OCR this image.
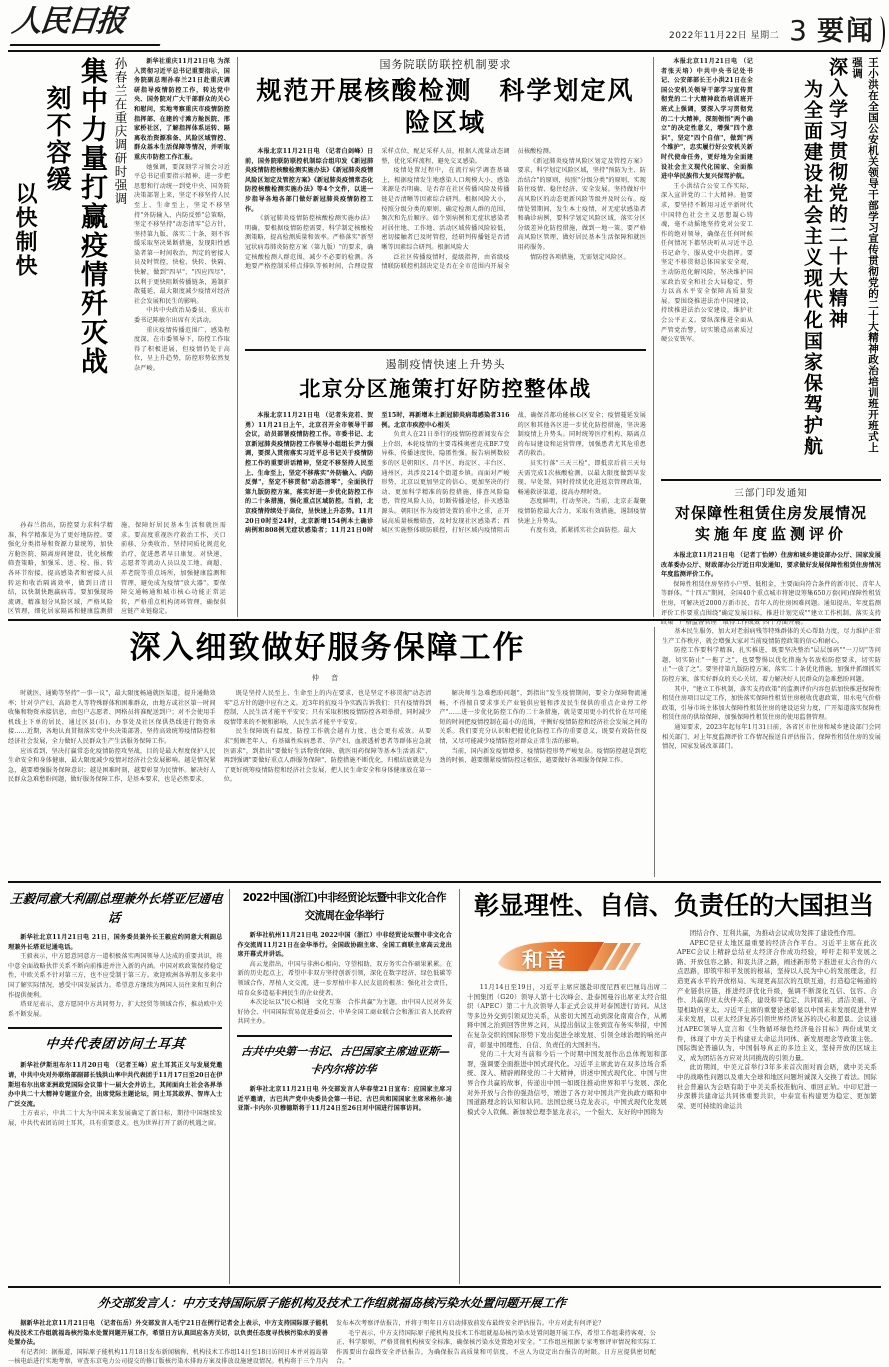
人民日报	2022年11月22日 星期二 3 要闻
孙春兰在重庆调研时强调
集中力量打赢疫情歼灭战
刻不容缓
以快制快

新华社重庆11月21日电 为深入贯彻习近平总书记重要指示，国务院副总理孙春兰21日赴重庆调研指导疫情防控工作，转达党中央、国务院对广大干部群众的关心和慰问，实地考察重庆市疫情防控指挥部、在建的寸滩方舱医院、邢家桥社区，了解指挥体系运转、隔离收治资源准备、风险区域管控、群众基本生活保障等情况，并听取重庆市防控工作汇报。

她强调，要深刻学习领会习近平总书记重要指示精神，进一步把思想和行动统一到党中央、国务院决策部署上来，坚定不移坚持人民至上、生命至上，坚定不移坚持"外防输入、内防反弹"总策略，坚定不移坚持"动态清零"总方针，坚持第九版、落实二十条，刻不容缓采取坚决果断措施，发现阳性感染者第一时间收治，判定的密接人员及时管控，快检、快转、快隔、快解，做到"四早"、"四应四尽"，以利于更快阻断传播链条，遏制扩散蔓延，最大限度减少疫情对经济社会发展和民生的影响。

中共中央政治局委员、重庆市委书记陈敏尔出席有关活动。

重庆疫情传播范围广、感染程度深，在市委领导下，防控工作取得了积极进展，但疫情仍处于高位，呈上升趋势，防控形势依然复杂严峻。

孙春兰指出，防控要力求科学精准，科学精准是为了更好地防控。要强化分类指导和资源力量统筹，加快方舱医院、隔离房间建设，优化核酸筛查策略，加强采、送、检、报、转各环节衔接，提高感染者和密接人员转运和收治隔离效率，做到日清日结，以快制快跑赢病毒。要加强现场流调，精准划分风险区域，严格风险区管理，细化居家隔离和健康监测措施，保障好居民基本生活和就医需求。要高度重视医疗救治工作，关口前移、分类收治，坚持同质化规范化治疗，促进患者早日康复。对快递、志愿者等流动人员以及工地、商超、养老院等重点场所，加强健康监测和管理，避免成为疫情"放大器"。要保障交通畅通和城市核心功能正常运转，严格重点机构闭环管理，确保供应链产业链稳定。

国务院联防联控机制要求
规范开展核酸检测　科学划定风险区域

本报北京11月21日电 （记者白剑峰）日前，国务院联防联控机制综合组印发《新冠肺炎疫情防控核酸检测实施办法》《新冠肺炎疫情风险区划定及管控方案》《新冠肺炎疫情常态化防控核酸检测实施办法》等4个文件，以进一步指导各地各部门做好新冠肺炎疫情防控工作。

《新冠肺炎疫情防控核酸检测实施办法》明确，要根据疫情防控需要，科学制定核酸检测策略，提高检测质量和效率。严格落实"新型冠状病毒肺炎防控方案（第九版）"的要求，确定核酸检测人群范围，减少不必要的检测。各地要严格控制采样点排队等候时间，合理设置采样点位，配足采样人员，根据人流量动态调整，优化采样流程，避免交叉感染。

疫情处置过程中，在流行病学调查基础上，根据疫情发生地感染人口规模大小、感染来源是否明确、是否存在社区传播风险及传播链是否清晰等因素综合研判。根据风险大小，按照分级分类的原则，确定检测人群的范围、频次和先后顺序。如个别病例和无症状感染者对居住地、工作地、活动区域传播风险较低，密切接触者已及时管控，经研判传播链是否清晰等因素综合研判。根据风险大

泛社区传播疫情时，提级指挥，由省级疫情联防联控机制决定是否在全市范围内开展全员核酸检测。

《新冠肺炎疫情风险区划定及管控方案》要求，科学划定风险区域，坚持"预防为主、防治结合"的原则，按照"分级分类"的原则，实现防住疫情、稳住经济、安全发展。坚持做好中高风险区的动态更新风险等级并及时公布。疫情处置期间，发生本土疫情，对无症状感染者和确诊病例，要科学划定风险区域，落实分区分级差异化防控措施，做到一地一策。要严格高风险区管理，做好居民基本生活保障和就医用药服务。

情防控各项措施，无需划定风险区。

遏制疫情快速上升势头
北京分区施策打好防控整体战

本报北京11月21日电 （记者朱竞若、贺勇）11月21日上午，北京召开全市领导干部会议，动员部署疫情防控工作。市委书记、北京新冠肺炎疫情防控工作领导小组组长尹力强调，要深入贯彻落实习近平总书记关于疫情防控工作的重要讲话精神，坚定不移坚持人民至上、生命至上，坚定不移落实"外防输入、内防反弹"，坚定不移贯彻"动态清零"，全面执行第九版防控方案，落实好进一步优化防控工作的二十条措施，强化重点区域防控。当前，北京疫情持续处于高位，呈快速上升态势。11月20日0时至24时，北京新增154例本土确诊病例和808例无症状感染者；11月21日0时至15时，再新增本土新冠肺炎病毒感染者316例。北京市疾控中心相关

负责人在21日举行的疫情防控新闻发布会上介绍，本轮疫情的主要毒株奥密克戎BF.7变异株，传播速度快，隐匿性强。报告病例数较多的区是朝阳区、昌平区、海淀区、丰台区、通州区，共涉及214个街道乡镇。而面对严峻形势，北京以更加坚定的信心、更加坚决的行动、更加科学精准的防控措施，排查风险隐患，管控风险人员，切断传播途径，扑灭感染源头。朝阳区作为疫情处置的重中之重，正开展高质量核酸筛查，及时发现社区感染者；西城区实施整体联防联控，打好区域内疫情阻击战，确保首都功能核心区安全；疫情蔓延发展的区和其他各区进一步优化防控措施，坚决遏制疫情上升势头。同时统筹医疗机构、隔离点的布局建设和运营管理，加强患者尤其危重患者的救治。

员实行落"三天三检"，即抵京后前三天每天需完成1次核酸检测，以最大限度做到早发现、早处置，同时持续优化进返京管理政策，畅通救济渠道，提高办理时效。

态度鲜明，行动坚决。当前，北京正凝聚疫情防控最大合力，采取有效措施，遏制疫情快速上升势头。

有度有效，抓紧抓实社会面防控。最大

本报北京11月21日电 （记者张天培）中共中央书记处书记、公安部部长王小洪21日在全国公安机关领导干部学习宣传贯彻党的二十大精神政治培训班开班式上强调，要深入学习贯彻党的二十大精神，深刻领悟"两个确立"的决定性意义，增强"四个意识"，坚定"四个自信"，做到"两个维护"，忠实履行好公安机关新时代使命任务，更好地为全面建设社会主义现代化国家、全面推进中华民族伟大复兴保驾护航。

王小洪结合公安工作实际，深入宣讲党的二十大精神。他要求，要坚持不断用习近平新时代中国特色社会主义思想凝心铸魂，毫不动摇地坚持党对公安工作的绝对领导，确保在任何时候任何情况下都坚决听从习近平总书记命令、服从党中央指挥。要坚定不移贯彻总体国家安全观，主动防范化解风险，坚决维护国家政治安全和社会大局稳定，努力以高水平安全保障高质量发展。要围绕推进法治中国建设，持续推进法治公安建设，维护社会公平正义。要纵深推进全面从严管党治警，切实锻造高素质过硬公安铁军。	王小洪在全国公安机关领导干部学习宣传贯彻党的二十大精神政治培训班开班式上强调
深入学习贯彻党的二十大精神
为全面建设社会主义现代化国家保驾护航
三部门印发通知
对保障性租赁住房发展情况
实施年度监测评价

本报北京11月21日电 （记者丁怡婷）住房和城乡建设部办公厅、国家发展改革委办公厅、财政部办公厅近日印发通知，要求做好发展保障性租赁住房情况年度监测评价工作。

保障性租赁住房坚持小户型、低租金，主要面向符合条件的新市民、青年人等群体。"十四五"期间，全国40个重点城市将建设筹集650万套(间)保障性租赁住房，可解决近2000万新市民、青年人的住房困难问题。通知提出，年度监测评价工作要重点围绕"确定发展目标，推进计划完成""建立工作机制，落实支持政策""严格监督管理""取得工作成效"四个方面开展。

深入细致做好服务保障工作
仲 音

时就医，通勤等坚持"一事一议"，最大限度畅通就医渠道，提升通勤效率；针对孕产妇、高龄老人等特殊群体和困难群众，由地方或社区第一时间收集和物资承接信息，由包户志愿者、网格员将准配送到户；对不会使用手机线上下单的居民，通过区县(市)、办事处及社区保供热线进行物资承接……近期，各地认真贯彻落实党中央决策部署，坚持高效统筹疫情防控和经济社会发展，全力做好人民群众生产生活服务保障工作。

应该看到，坚决打赢常态化疫情防控攻坚战，目的是最大程度保护人民生命安全和身体健康，最大限度减少疫情对经济社会发展影响。越是情况紧急，越要增强服务保障意识；越是困难时刻，越要彰显为民情怀。解决好人民群众急难愁盼问题，做好服务保障工作，是基本要求，也是必然要求。

既是坚持人民至上、生命至上的内在要求，也是坚定不移贯彻"动态清零"总方针的题中应有之义。近3年的抗疫斗争实践告诉我们：只有疫情得到控制，人民生活才能平平安安；只有采取积极疫情防控各项举措，同时减少疫情带来的不便和影响，人民生活才能平平安安。

民生保障既有温度，防控工作就会越有力度，也会更有成效。从要求"照顾老年人、有基础性疾病患者、孕产妇、血液透析患者等群体应急就医需求"，到指出"要做好生活物资保障、就医用药保障等基本生活需求"，再到强调"要做好重点人群服务保障"，防控措施不断优化，归根结底就是为了更好统筹疫情防控和经济社会发展，把人民生命安全和身体健康放在第一位。

解决师生急难愁盼问题"，到指出"发生疫情期间，要全力保障物流通畅，不得擅自要求事关产业链供应链和涉及民生保供的重点企业停工停产"……进一步优化防控工作的二十条措施，就是要用更小的代价在尽可能短的时间把疫情控制在最小的范围，平衡好疫情防控和经济社会发展之间的关系。我们要充分认识和把握优化防控工作的重要意义，既要有效防住疫情，又尽可能减少疫情防控对群众正常生活的影响。

当前，国内新发疫情增多，疫情防控形势严峻复杂。疫情防控越是到吃劲的时候，越要绷紧疫情防控这根弦，越要做好各项服务保障工作。

基本民生服务，加大对老弱病残等特殊群体的关心帮助力度，尽力维护正常生产工作秩序，就会增强大家对当前疫情防控政策的信心和耐心。

防控工作要科学精准，扎实推进，既要坚决整治"层层加码""一刀切"等问题，切实防止"一拖了之"，也要警惕以优化措施为名放松防控要求，切实防止"一放了之"。要坚持第九版防控方案，落实二十条优化措施，加强并抓细抓实防控方案，落实好群众的关心关切，着力解决好人民群众的急难愁盼问题。

其中，"建立工作机制，落实支持政策"的监测评价内容包括加快推进保障性租赁住房项目以定工作，加快落实保障性租赁住房税收优惠政策，用水电气价格政策，引导市场主体加大保障性租赁住房的建设运营力度，广开渠道落实保障性租赁住房的供给保障，加强保障性租赁住房的使用监督管理。

通知要求，2023年起每年1月31日前，各省区市住房和城乡建设部门会同相关部门，对上年度监测评价工作情况报送自评估报告，保障性租赁住房的发展情况，国家发展改革部门。

王毅同意大利副总理兼外长塔亚尼通电话

新华社北京11月21日电 21日，国务委员兼外长王毅应约同意大利副总理兼外长塔亚尼通电话。

王毅表示，中方愿意同意方一道积极落实两国领导人达成的重要共识，将中意全面战略伙伴关系不断向前推进并注入新的内涵。中国对欧政策保持稳定性，中欧关系不针对第三方，也不应受制于第三方。欢迎欧洲各界朋友多来中国了解实际情况，感受中国发展活力。希望意方继续为两国人员往来和互利合作提供便利。

塔亚尼表示，意方愿同中方共同努力，扩大经贸等领域合作，推动欧中关系不断发展。

中共代表团访问土耳其

新华社伊斯坦布尔11月20日电 （记者王峰）应土耳其正义与发展党邀请，中共中央对外联络部副部长钱洪山率中共代表团于11月17日至20日在伊斯坦布尔出席亚洲政党国际会议第十一届大会并访土，其间面向土社会各界举办中共二十大精神专题宣介会，出席党际主题论坛，同土耳其政界、智库人士广泛交流。

土方表示，中共二十大为中国未来发展确定了新目标，期待中国继续发展，中共代表团访问土耳其，具有重要意义。也为世界打开了新的机遇之窗。

2022中国(浙江)中非经贸论坛暨中非文化合作交流周在金华举行

新华社杭州11月21日电 2022中国（浙江）中非经贸论坛暨中非文化合作交流周11月21日在金华举行。全国政协副主席、全国工商联主席高云龙出席开幕式并讲话。

高云龙指出，中国与非洲心相向、守望相助，双方务实合作硕果累累。在新的历史起点上，希望中非双方坚持创新引领，深化在数字经济、绿色低碳等领域合作，厚植人文交流，进一步厚植中非人民友谊的根基；强化社会责任，培育众多造福非洲民生的企业使者。

本次论坛以"民心相通　文化互鉴　合作共赢"为主题，由中国人民对外友好协会、中国国际贸易促进委员会、中华全国工商业联合会和浙江省人民政府共同主办。

古共中央第一书记、古巴国家主席迪亚斯—卡内尔将访华

新华社北京11月21日电 外交部发言人华春莹21日宣布：应国家主席习近平邀请，古巴共产党中央委员会第一书记、古巴共和国国家主席米格尔·迪亚斯-卡内尔·贝穆德斯将于11月24日至26日对中国进行国事访问。

彰显理性、自信、负责任的大国担当
和音

11月14日至19日，习近平主席应邀赴印度尼西亚巴厘岛出席二十国集团（G20）领导人第十七次峰会、赴泰国曼谷出席亚太经合组织（APEC）第二十九次领导人非正式会议并对泰国进行访问。从这等多边外交到引领双边关系，从密切大国互动到深化南南合作，从阐释中国之治到回答世界之问，从提出倡议主张到宣布务实举措，中国在复杂交织的国际形势下发出促进全球发展、引领全球治理的响亮声音，彰显中国理性、自信、负责任的大国担当。

党的二十大对当前和今后一个时期中国发展作出总体规划和部署，强调要全面推进中国式现代化。习近平主席此访在双多边场合系统、深入、精辟阐释党的二十大精神，讲述中国式现代化、中国与世界合作共赢的故事，传递出中国一如既往推动世界和平与发展、深化对外开放与合作的强劲信号，增进了各方对中国共产党执政方略和中国道路理念的认知和认同。法国总统马克龙表示，中国式现代化发展模式令人钦佩。新加坡总理李显龙表示，一个强大、友好的中国将为

团结合作、互利共赢，为推动会议成功发挥了建设性作用。

APEC是亚太地区最重要的经济合作平台。习近平主席在此次APEC会议上精辟总结亚太经济合作成功经验，呼吁走和平发展之路、开放包容之路、和衷共济之路，阐述新形势下推进亚太合作的六点思路，即筑牢和平发展的根基，坚持以人民为中心的发展理念，打造更高水平的开放格局、实现更高层次的互联互通，打造稳定畅通的产业链供应链，推进经济优化升级，强调不断深化互信、包容、合作、共赢的亚太伙伴关系，建设和平稳定、共同富裕、清洁美丽、守望相助的亚太。习近平主席的重要论述彰显以中国未来发展促进世界未来发展，以亚太经济复苏引领世界经济复苏的决心和愿景。会议通过APEC领导人宣言和《生物循环绿色经济曼谷目标》两份成果文件，体现了中方关于构建亚太命运共同体、新发展理念等政策主张。国际舆论普遍认为，中国倡导真正的多边主义，坚持开放的区域主义，成为团结各方应对共同挑战的引领力量。

此访期间，中美元首举行3年多来首次面对面会晤，就中美关系中的战略性问题以及重大全球和地区问题坦诚深入交换了看法。国际社会普遍认为会晤有助于中美关系校准航向、重回正轨。中印尼进一步深耕共建命运共同体重要共识，中泰宣布构建更为稳定、更加繁荣、更可持续的命运共

外交部发言人：中方支持国际原子能机构及技术工作组就福岛核污染水处置问题开展工作

据新华社北京11月21日电 （记者伍岳）外交部发言人毛宁21日在例行记者会上表示，中方支持国际原子能机构及技术工作组就福岛核污染水处置问题开展工作，希望日方认真回应各方关切，以负责任态度寻找核污染水的妥善处置办法。

有记者问：据报道，国际原子能机构11月18日发布新闻稿称，机构技术工作组14日至18日访问日本并对福岛第一核电站进行实地考察，审查东京电力公司提交的修订版核污染水排海方案及排放设施建设情况。机构将于三个月内发布本次考察评估报告，并将于明年日方启动排放前发布最终安全评估报告。中方对此有何评论？

毛宁表示，中方支持国际原子能机构及技术工作组就福岛核污染水处置问题开展工作，希望工作组秉持客观、公正、科学原则，严格贯彻机构核安全标准，确保核污染水处置绝对安全。"工作组应根据专家考察评审情况和实际工作需要出台最终安全评估报告，为确保报告高质量和可信度，不应人为设定出台报告的时限。日方应提供密切配合。"
